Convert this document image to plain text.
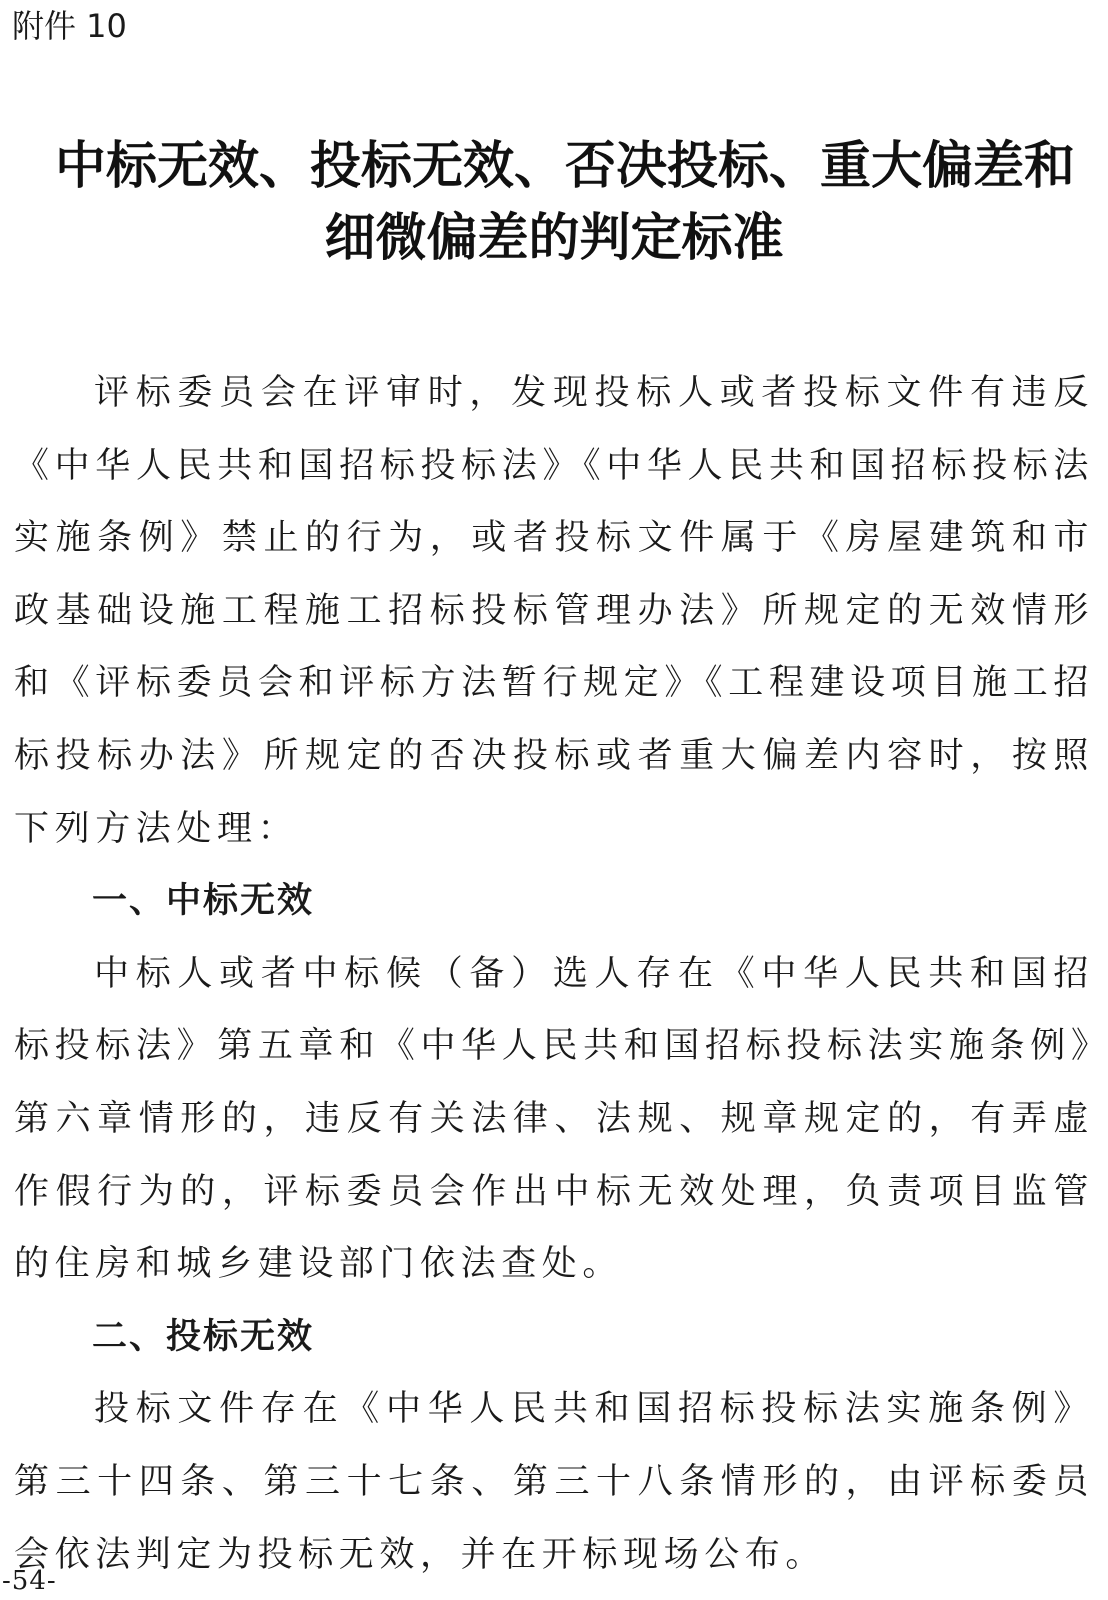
附件 10
中标无效、投标无效、否决投标、重大偏差和
细微偏差的判定标准

评标委员会在评审时，发现投标人或者投标文件有违反《中华人民共和国招标投标法》《中华人民共和国招标投标法实施条例》禁止的行为，或者投标文件属于《房屋建筑和市政基础设施工程施工招标投标管理办法》所规定的无效情形和《评标委员会和评标方法暂行规定》《工程建设项目施工招标投标办法》所规定的否决投标或者重大偏差内容时，按照下列方法处理：

一、中标无效

中标人或者中标候（备）选人存在《中华人民共和国招标投标法》第五章和《中华人民共和国招标投标法实施条例》第六章情形的，违反有关法律、法规、规章规定的，有弄虚作假行为的，评标委员会作出中标无效处理，负责项目监管的住房和城乡建设部门依法查处。

二、投标无效

投标文件存在《中华人民共和国招标投标法实施条例》第三十四条、第三十七条、第三十八条情形的，由评标委员会依法判定为投标无效，并在开标现场公布。

-54-
